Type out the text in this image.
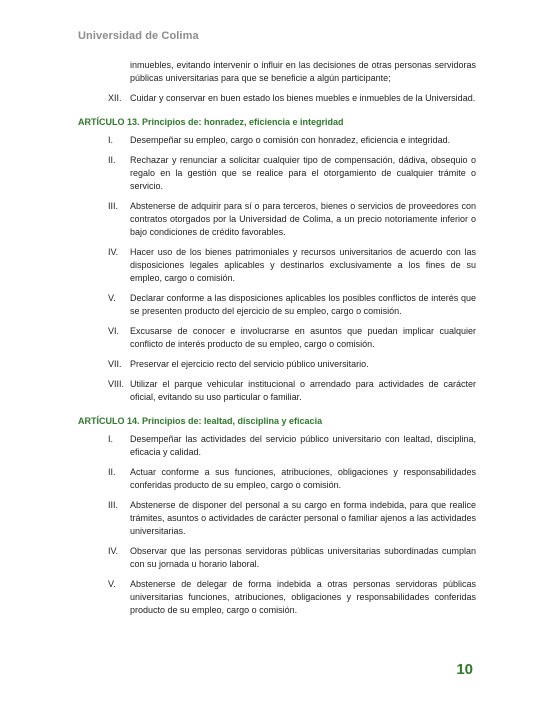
Universidad de Colima
inmuebles, evitando intervenir o influir en las decisiones de otras personas servidoras públicas universitarias para que se beneficie a algún participante;
XII. Cuidar y conservar en buen estado los bienes muebles e inmuebles de la Universidad.
ARTÍCULO 13. Principios de: honradez, eficiencia e integridad
I.	Desempeñar su empleo, cargo o comisión con honradez, eficiencia e integridad.
II.	Rechazar y renunciar a solicitar cualquier tipo de compensación, dádiva, obsequio o regalo en la gestión que se realice para el otorgamiento de cualquier trámite o servicio.
III.	Abstenerse de adquirir para sí o para terceros, bienes o servicios de proveedores con contratos otorgados por la Universidad de Colima, a un precio notoriamente inferior o bajo condiciones de crédito favorables.
IV.	Hacer uso de los bienes patrimoniales y recursos universitarios de acuerdo con las disposiciones legales aplicables y destinarlos exclusivamente a los fines de su empleo, cargo o comisión.
V.	Declarar conforme a las disposiciones aplicables los posibles conflictos de interés que se presenten producto del ejercicio de su empleo, cargo o comisión.
VI.	Excusarse de conocer e involucrarse en asuntos que puedan implicar cualquier conflicto de interés producto de su empleo, cargo o comisión.
VII. Preservar el ejercicio recto del servicio público universitario.
VIII. Utilizar el parque vehicular institucional o arrendado para actividades de carácter oficial, evitando su uso particular o familiar.
ARTÍCULO 14. Principios de: lealtad, disciplina y eficacia
I.	Desempeñar las actividades del servicio público universitario con lealtad, disciplina, eficacia y calidad.
II.	Actuar conforme a sus funciones, atribuciones, obligaciones y responsabilidades conferidas producto de su empleo, cargo o comisión.
III.	Abstenerse de disponer del personal a su cargo en forma indebida, para que realice trámites, asuntos o actividades de carácter personal o familiar ajenos a las actividades universitarias.
IV.	Observar que las personas servidoras públicas universitarias subordinadas cumplan con su jornada u horario laboral.
V.	Abstenerse de delegar de forma indebida a otras personas servidoras públicas universitarias funciones, atribuciones, obligaciones y responsabilidades conferidas producto de su empleo, cargo o comisión.
10
